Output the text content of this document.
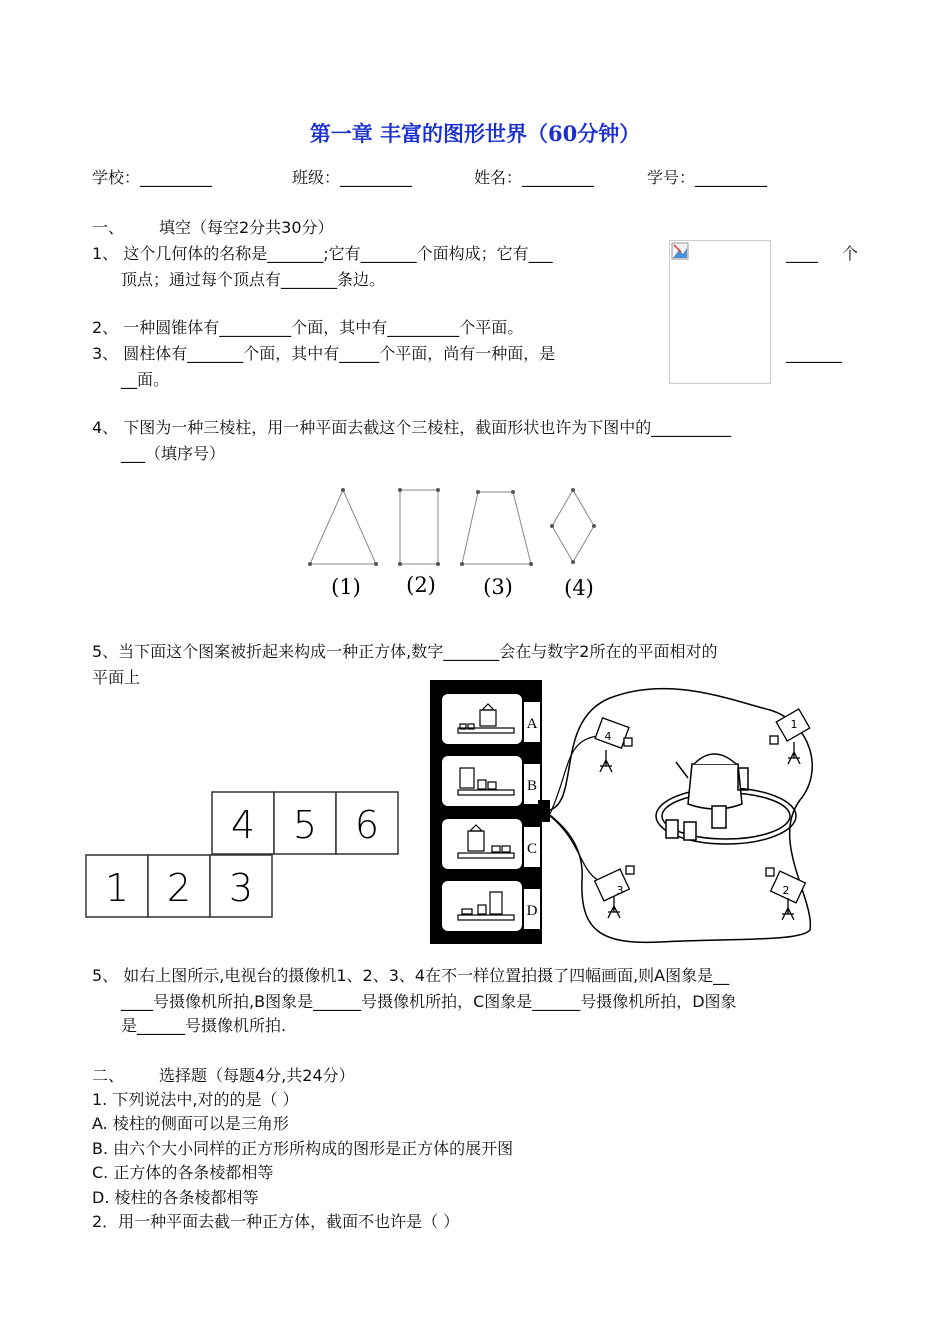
第一章 丰富的图形世界（60分钟）
学校：_________	班级：_________	姓名：_________	学号：_________
一、 填空（每空2分共30分）
1、 这个几何体的名称是_______;它有_______个面构成；它有___	____ 个
顶点；通过每个顶点有_______条边。
2、 一种圆锥体有_________个面，其中有_________个平面。
3、 圆柱体有_______个面，其中有_____个平面，尚有一种面，是	_______
__面。
4、 下图为一种三棱柱，用一种平面去截这个三棱柱，截面形状也许为下图中的__________
___（填序号）
(1) (2) (3) (4)
5、当下面这个图案被折起来构成一种正方体,数字_______会在与数字2所在的平面相对的
平面上
4 5 6
1 2 3
A
B
C
D
4
1
3	2
5、 如右上图所示,电视台的摄像机1、2、3、4在不一样位置拍摄了四幅画面,则A图象是__
____号摄像机所拍,B图象是______号摄像机所拍，C图象是______号摄像机所拍，D图象
是______号摄像机所拍.
二、 选择题（每题4分,共24分）
1. 下列说法中,对的的是（ ）
A. 棱柱的侧面可以是三角形
B. 由六个大小同样的正方形所构成的图形是正方体的展开图
C. 正方体的各条棱都相等
D. 棱柱的各条棱都相等
2．用一种平面去截一种正方体，截面不也许是（ ）
